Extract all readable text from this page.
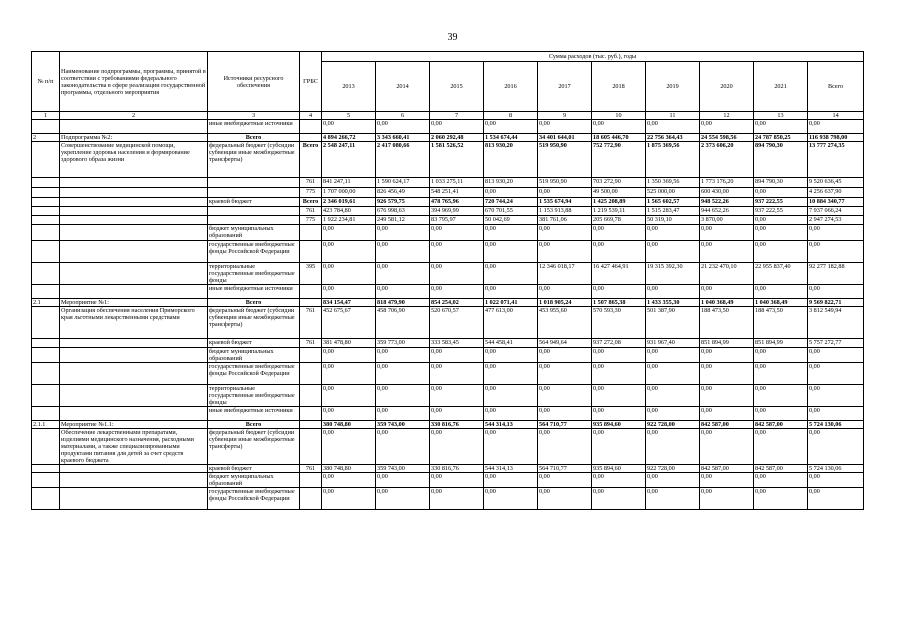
39
№ п/п	Наименование подпрограммы, программы, принятой в соответствии с требованиями федерального законодательства в сфере реализации государственной программы, отдельного мероприятия	Источники ресурсного обеспечения	ГРБС	Сумма расходов (тыс. руб.), годы									
				2013	2014	2015	2016	2017	2018	2019	2020	2021	Всего
1	2	3	4	5	6	7	8	9	10	11	12	13	14
		иные внебюджетные источники		0,00	0,00	0,00	0,00	0,00	0,00	0,00	0,00	0,00	0,00
2	Подпрограмма №2:	Всего		4 894 266,72	3 343 660,41	2 060 292,48	1 534 674,44	34 401 644,01	18 605 446,70	22 756 364,43	24 554 598,56	24 787 850,25	116 938 798,00
	Совершенствование медицинской помощи, укрепление здоровья населения и формирование здорового образа жизни	федеральный бюджет (субсидии субвенции иные межбюджетные трансферты)	Всего	2 548 247,11	2 417 080,66	1 581 526,52	813 930,20	519 950,90	752 772,90	1 875 369,56	2 373 606,20	894 790,30	13 777 274,35
			761	841 247,11	1 590 624,17	1 033 275,11	813 930,20	519 950,90	703 272,90	1 350 369,56	1 773 176,20	894 790,30	9 520 636,45
			775	1 707 000,00	826 456,49	548 251,41	0,00	0,00	49 500,00	525 000,00	600 430,00	0,00	4 256 637,90
		краевой бюджет	Всего	2 346 019,61	926 579,75	478 765,96	720 744,24	1 535 674,94	1 425 208,89	1 565 602,57	948 522,26	937 222,55	10 884 340,77
			761	423 784,80	676 998,63	394 969,99	670 701,55	1 153 913,88	1 219 539,11	1 515 283,47	944 652,26	937 222,55	7 937 066,24
			775	1 922 234,81	249 581,12	83 795,97	50 042,69	381 761,06	205 669,78	50 319,10	3 870,00	0,00	2 947 274,53
		бюджет муниципальных образований		0,00	0,00	0,00	0,00	0,00	0,00	0,00	0,00	0,00	0,00
		государственные внебюджетные фонды Российской Федерации		0,00	0,00	0,00	0,00	0,00	0,00	0,00	0,00	0,00	0,00
		территориальные государственные внебюджетные фонды	395	0,00	0,00	0,00	0,00	12 346 018,17	16 427 464,91	19 315 392,30	21 232 470,10	22 955 837,40	92 277 182,88
		иные внебюджетные источники		0,00	0,00	0,00	0,00	0,00	0,00	0,00	0,00	0,00	0,00
2.1	Мероприятие №1:	Всего		834 154,47	818 479,90	854 254,02	1 022 071,41	1 018 905,24	1 507 865,38	1 433 355,30	1 040 368,49	1 040 368,49	9 569 822,71
	Организация обеспечения населения Приморского края льготными лекарственными средствами	федеральный бюджет (субсидии субвенции иные межбюджетные трансферты)	761	452 675,67	458 706,90	520 670,57	477 613,00	453 955,60	570 593,30	501 387,90	188 473,50	188 473,50	3 812 549,94
		краевой бюджет	761	381 478,80	359 773,00	333 583,45	544 458,41	564 949,64	937 272,08	931 967,40	851 894,99	851 894,99	5 757 272,77
		бюджет муниципальных образований		0,00	0,00	0,00	0,00	0,00	0,00	0,00	0,00	0,00	0,00
		государственные внебюджетные фонды Российской Федерации		0,00	0,00	0,00	0,00	0,00	0,00	0,00	0,00	0,00	0,00
		территориальные государственные внебюджетные фонды		0,00	0,00	0,00	0,00	0,00	0,00	0,00	0,00	0,00	0,00
		иные внебюджетные источники		0,00	0,00	0,00	0,00	0,00	0,00	0,00	0,00	0,00	0,00
2.1.1	Мероприятие №1.1:	Всего		380 748,80	359 743,00	330 816,76	544 314,13	564 710,77	935 894,60	922 728,00	842 587,00	842 587,00	5 724 130,06
	Обеспечение лекарственными препаратами, изделиями медицинского назначения, расходными материалами, а также специализированными продуктами питания для детей за счет средств краевого бюджета	федеральный бюджет (субсидии субвенции иные межбюджетные трансферты)		0,00	0,00	0,00	0,00	0,00	0,00	0,00	0,00	0,00	0,00
		краевой бюджет	761	380 748,80	359 743,00	330 816,76	544 314,13	564 710,77	935 894,60	922 728,00	842 587,00	842 587,00	5 724 130,06
		бюджет муниципальных образований		0,00	0,00	0,00	0,00	0,00	0,00	0,00	0,00	0,00	0,00
		государственные внебюджетные фонды Российской Федерации		0,00	0,00	0,00	0,00	0,00	0,00	0,00	0,00	0,00	0,00
